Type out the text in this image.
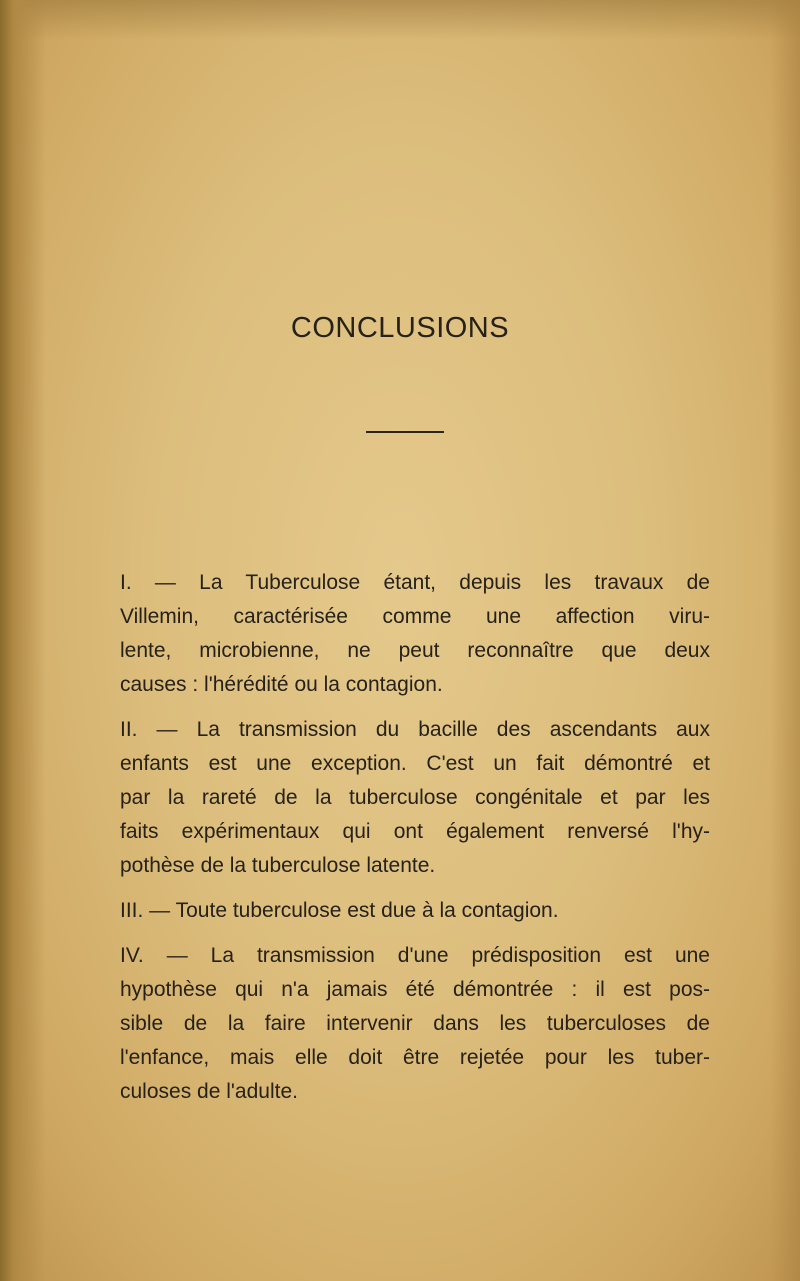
CONCLUSIONS

I. — La Tuberculose étant, depuis les travaux de
Villemin, caractérisée comme une affection viru-
lente, microbienne, ne peut reconnaître que deux
causes : l'hérédité ou la contagion.

II. — La transmission du bacille des ascendants aux
enfants est une exception. C'est un fait démontré et
par la rareté de la tuberculose congénitale et par les
faits expérimentaux qui ont également renversé l'hy-
pothèse de la tuberculose latente.

III. — Toute tuberculose est due à la contagion.

IV. — La transmission d'une prédisposition est une
hypothèse qui n'a jamais été démontrée : il est pos-
sible de la faire intervenir dans les tuberculoses de
l'enfance, mais elle doit être rejetée pour les tuber-
culoses de l'adulte.
